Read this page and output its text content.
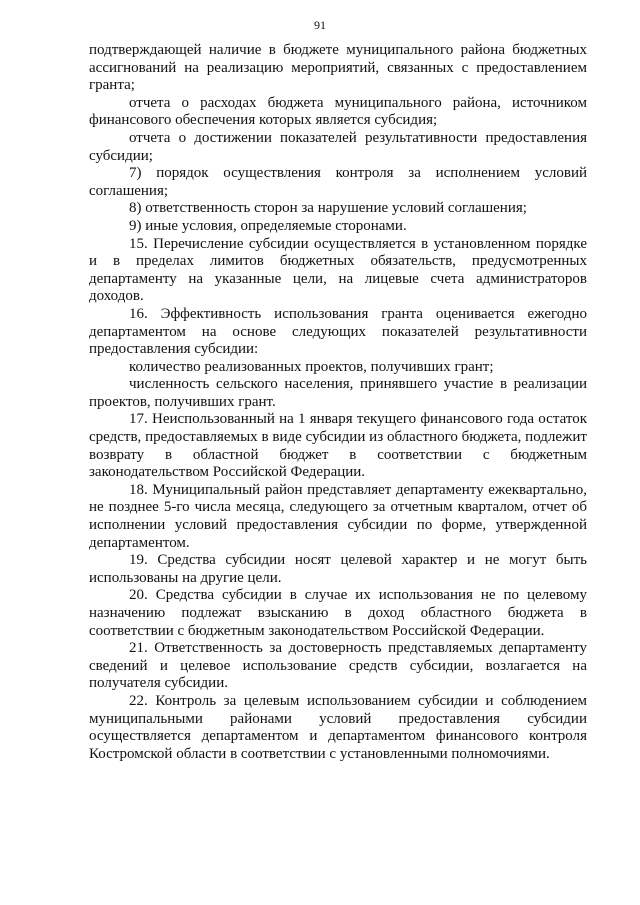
91

подтверждающей наличие в бюджете муниципального района бюджетных ассигнований на реализацию мероприятий, связанных с предоставлением гранта;

отчета о расходах бюджета муниципального района, источником финансового обеспечения которых является субсидия;

отчета о достижении показателей результативности предоставления субсидии;

7) порядок осуществления контроля за исполнением условий соглашения;

8) ответственность сторон за нарушение условий соглашения;

9) иные условия, определяемые сторонами.

15. Перечисление субсидии осуществляется в установленном порядке и в пределах лимитов бюджетных обязательств, предусмотренных департаменту на указанные цели, на лицевые счета администраторов доходов.

16. Эффективность использования гранта оценивается ежегодно департаментом на основе следующих показателей результативности предоставления субсидии:

количество реализованных проектов, получивших грант;

численность сельского населения, принявшего участие в реализации проектов, получивших грант.

17. Неиспользованный на 1 января текущего финансового года остаток средств, предоставляемых в виде субсидии из областного бюджета, подлежит возврату в областной бюджет в соответствии с бюджетным законодательством Российской Федерации.

18. Муниципальный район представляет департаменту ежеквартально, не позднее 5-го числа месяца, следующего за отчетным кварталом, отчет об исполнении условий предоставления субсидии по форме, утвержденной департаментом.

19. Средства субсидии носят целевой характер и не могут быть использованы на другие цели.

20. Средства субсидии в случае их использования не по целевому назначению подлежат взысканию в доход областного бюджета в соответствии с бюджетным законодательством Российской Федерации.

21. Ответственность за достоверность представляемых департаменту сведений и целевое использование средств субсидии, возлагается на получателя субсидии.

22. Контроль за целевым использованием субсидии и соблюдением муниципальными районами условий предоставления субсидии осуществляется департаментом и департаментом финансового контроля Костромской области в соответствии с установленными полномочиями.
